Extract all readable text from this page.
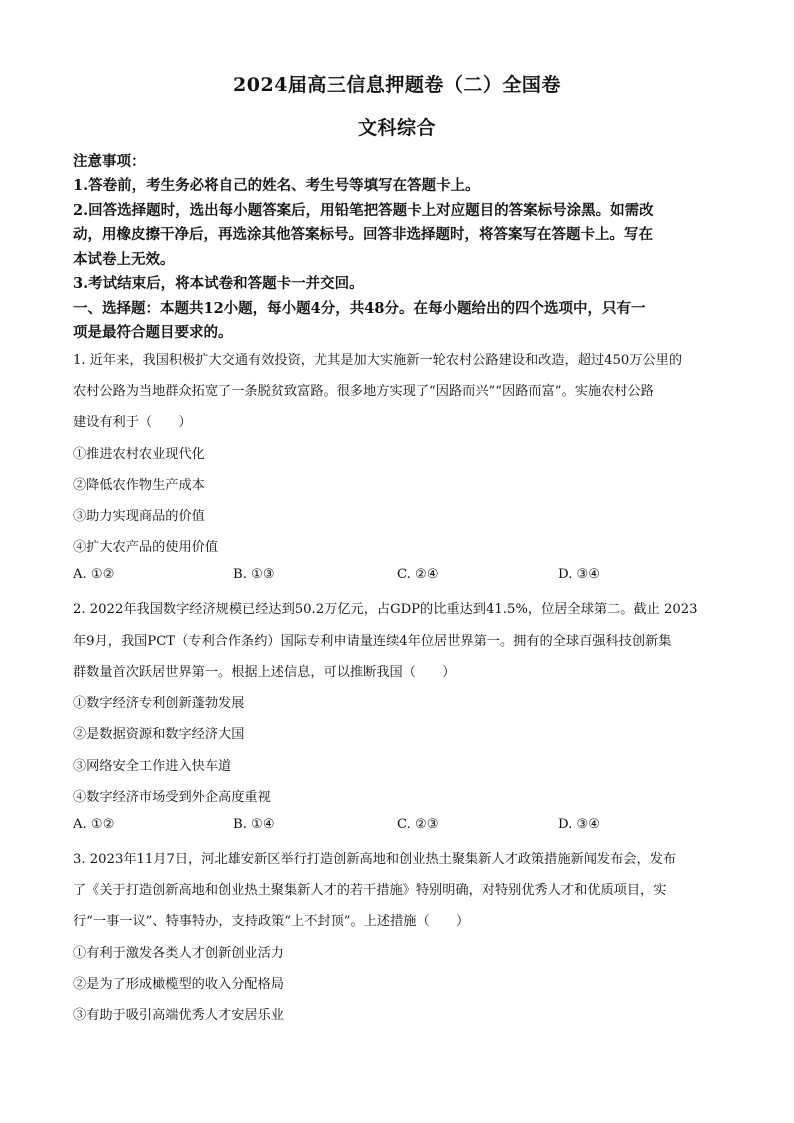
2024届高三信息押题卷（二）全国卷
文科综合
注意事项：
1.答卷前，考生务必将自己的姓名、考生号等填写在答题卡上。
2.回答选择题时，选出每小题答案后，用铅笔把答题卡上对应题目的答案标号涂黑。如需改
动，用橡皮擦干净后，再选涂其他答案标号。回答非选择题时，将答案写在答题卡上。写在
本试卷上无效。
3.考试结束后，将本试卷和答题卡一并交回。
一、选择题：本题共12小题，每小题4分，共48分。在每小题给出的四个选项中，只有一
项是最符合题目要求的。
1. 近年来，我国积极扩大交通有效投资，尤其是加大实施新一轮农村公路建设和改造，超过450万公里的
农村公路为当地群众拓宽了一条脱贫致富路。很多地方实现了“因路而兴”“因路而富”。实施农村公路
建设有利于（　　）
①推进农村农业现代化
②降低农作物生产成本
③助力实现商品的价值
④扩大农产品的使用价值
A. ①②	B. ①③	C. ②④	D. ③④
2. 2022年我国数字经济规模已经达到50.2万亿元，占GDP的比重达到41.5%，位居全球第二。截止 2023
年9月，我国PCT（专利合作条约）国际专利申请量连续4年位居世界第一。拥有的全球百强科技创新集
群数量首次跃居世界第一。根据上述信息，可以推断我国（　　）
①数字经济专利创新蓬勃发展
②是数据资源和数字经济大国
③网络安全工作进入快车道
④数字经济市场受到外企高度重视
A. ①②	B. ①④	C. ②③	D. ③④
3. 2023年11月7日，河北雄安新区举行打造创新高地和创业热土聚集新人才政策措施新闻发布会，发布
了《关于打造创新高地和创业热土聚集新人才的若干措施》特别明确，对特别优秀人才和优质项目，实
行“一事一议”、特事特办，支持政策“上不封顶”。上述措施（　　）
①有利于激发各类人才创新创业活力
②是为了形成橄榄型的收入分配格局
③有助于吸引高端优秀人才安居乐业
